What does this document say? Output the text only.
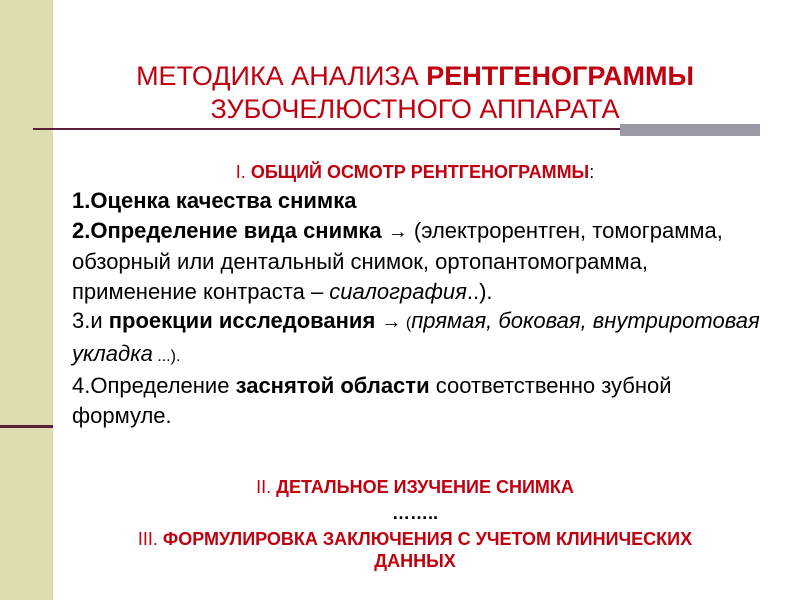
МЕТОДИКА АНАЛИЗА РЕНТГЕНОГРАММЫ
ЗУБОЧЕЛЮСТНОГО АППАРАТА
I. ОБЩИЙ ОСМОТР РЕНТГЕНОГРАММЫ:

1.Оценка качества снимка

2.Определение вида снимка → (электрорентген, томограмма, обзорный или дентальный снимок, ортопантомограмма, применение контраста – сиалография..).

3.и проекции исследования → (прямая, боковая, внутриротовая укладка ...).

4.Определение заснятой области соответственно зубной формуле.

II. ДЕТАЛЬНОЕ ИЗУЧЕНИЕ СНИМКА
……..
III. ФОРМУЛИРОВКА ЗАКЛЮЧЕНИЯ С УЧЕТОМ КЛИНИЧЕСКИХ ДАННЫХ
